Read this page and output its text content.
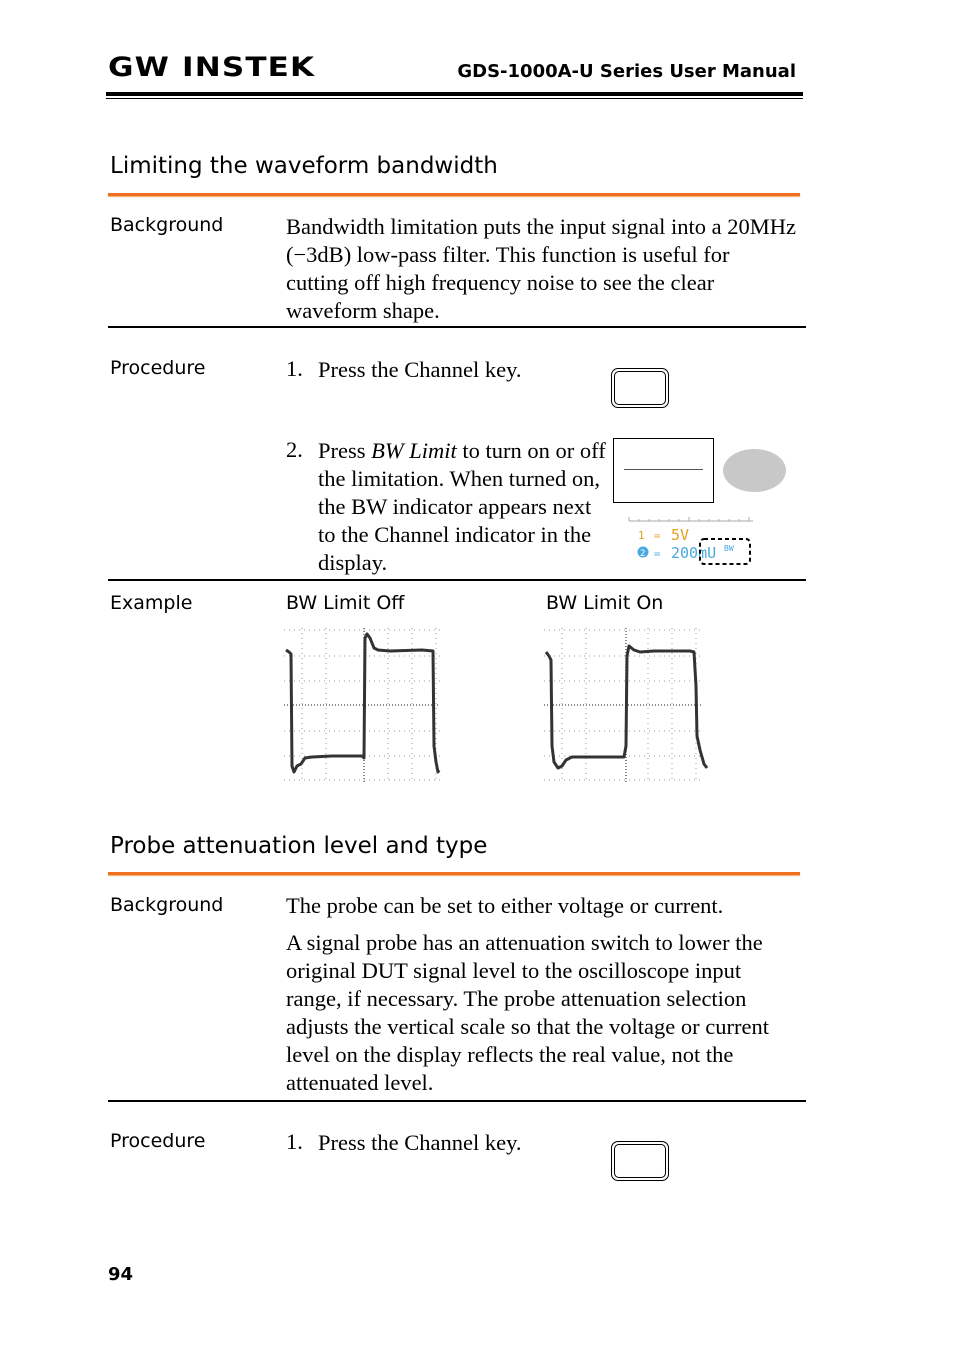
GW INSTEK	GDS-1000A-U Series User Manual
Limiting the waveform bandwidth
Background	Bandwidth limitation puts the input signal into a 20MHz (−3dB) low-pass filter. This function is useful for cutting off high frequency noise to see the clear waveform shape.
Procedure	1. Press the Channel key.
2. Press BW Limit to turn on or off the limitation. When turned on, the BW indicator appears next to the Channel indicator in the display.
1 ≕ 5V
2 ≕ 200mU BW
Example	BW Limit Off	BW Limit On
Probe attenuation level and type
Background	The probe can be set to either voltage or current.
A signal probe has an attenuation switch to lower the original DUT signal level to the oscilloscope input range, if necessary. The probe attenuation selection adjusts the vertical scale so that the voltage or current level on the display reflects the real value, not the attenuated level.
Procedure	1. Press the Channel key.
94
